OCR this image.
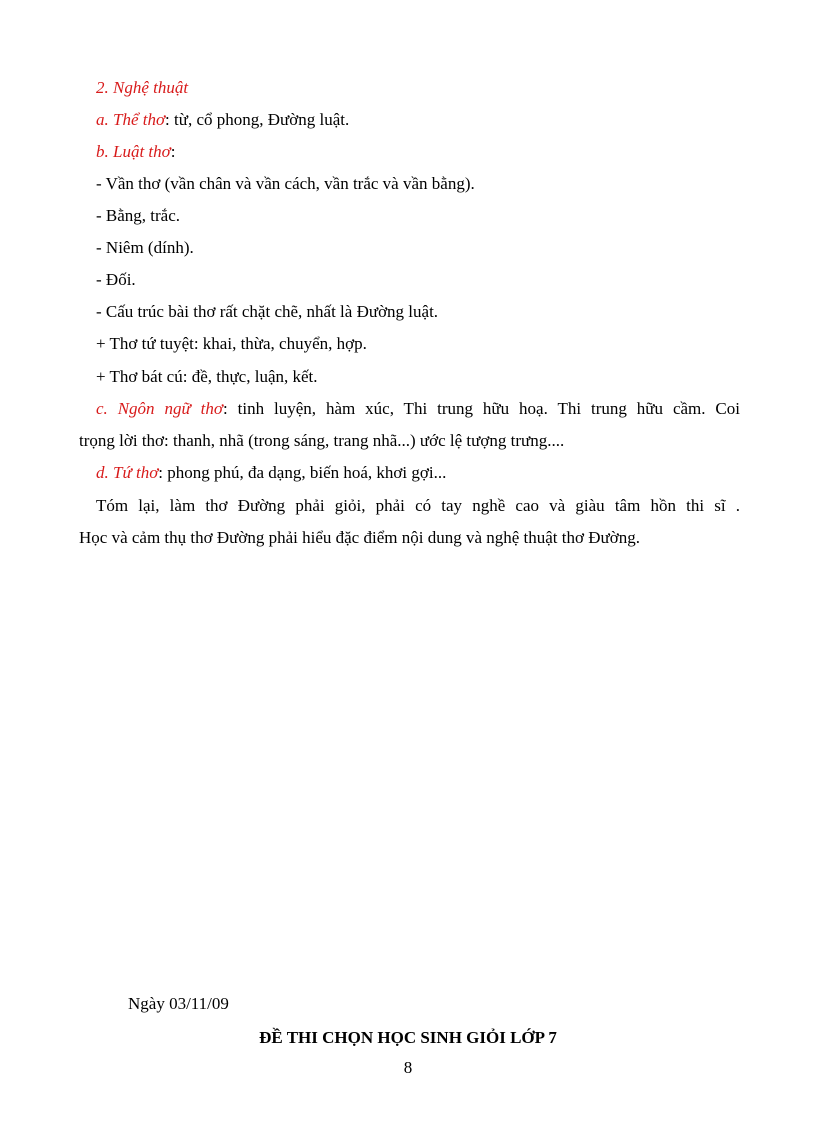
2. Nghệ thuật
a. Thể thơ: từ, cổ phong, Đường luật.
b. Luật thơ:
- Vần thơ (vần chân và vần cách, vần trắc và vần bằng).
- Bằng, trắc.
- Niêm (dính).
- Đối.
- Cấu trúc bài thơ rất chặt chẽ, nhất là Đường luật.
+ Thơ tứ tuyệt: khai, thừa, chuyển, hợp.
+ Thơ bát cú: đề, thực, luận, kết.
c. Ngôn ngữ thơ: tinh luyện, hàm xúc, Thi trung hữu hoạ. Thi trung hữu cầm. Coi
trọng lời thơ: thanh, nhã (trong sáng, trang nhã...) ước lệ tượng trưng....
d. Tứ thơ: phong phú, đa dạng, biến hoá, khơi gợi...
Tóm lại, làm thơ Đường phải giỏi, phải có tay nghề cao và giàu tâm hồn thi sĩ .
Học và cảm thụ thơ Đường phải hiểu đặc điểm nội dung và nghệ thuật thơ Đường.
Ngày 03/11/09
ĐỀ THI CHỌN HỌC SINH GIỎI LỚP 7
8
